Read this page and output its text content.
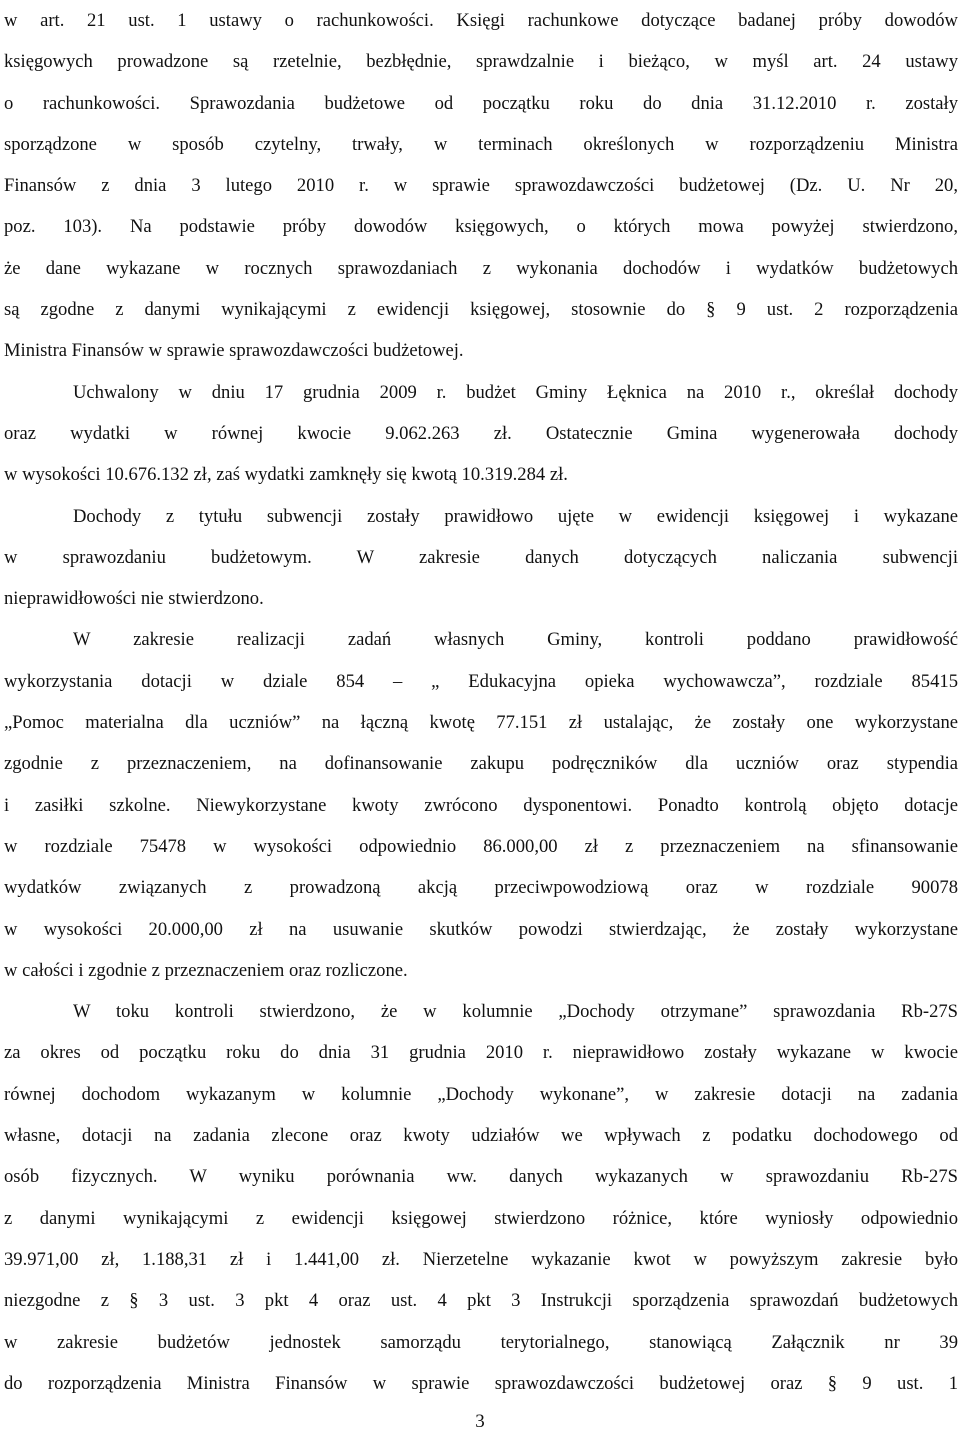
w art. 21 ust. 1 ustawy o rachunkowości. Księgi rachunkowe dotyczące badanej próby dowodów
księgowych prowadzone są rzetelnie, bezbłędnie, sprawdzalnie i bieżąco, w myśl art. 24 ustawy
o rachunkowości. Sprawozdania budżetowe od początku roku do dnia 31.12.2010 r. zostały
sporządzone w sposób czytelny, trwały, w terminach określonych w rozporządzeniu Ministra
Finansów z dnia 3 lutego 2010 r. w sprawie sprawozdawczości budżetowej (Dz. U. Nr 20,
poz. 103). Na podstawie próby dowodów księgowych, o których mowa powyżej stwierdzono,
że dane wykazane w rocznych sprawozdaniach z wykonania dochodów i wydatków budżetowych
są zgodne z danymi wynikającymi z ewidencji księgowej, stosownie do § 9 ust. 2 rozporządzenia
Ministra Finansów w sprawie sprawozdawczości budżetowej.
Uchwalony w dniu 17 grudnia 2009 r. budżet Gminy Łęknica na 2010 r., określał dochody
oraz wydatki w równej kwocie 9.062.263 zł. Ostatecznie Gmina wygenerowała dochody
w wysokości 10.676.132 zł, zaś wydatki zamknęły się kwotą 10.319.284 zł.
Dochody z tytułu subwencji zostały prawidłowo ujęte w ewidencji księgowej i wykazane
w sprawozdaniu budżetowym. W zakresie danych dotyczących naliczania subwencji
nieprawidłowości nie stwierdzono.
W zakresie realizacji zadań własnych Gminy, kontroli poddano prawidłowość
wykorzystania dotacji w dziale 854 – „ Edukacyjna opieka wychowawcza”, rozdziale 85415
„Pomoc materialna dla uczniów” na łączną kwotę 77.151 zł ustalając, że zostały one wykorzystane
zgodnie z przeznaczeniem, na dofinansowanie zakupu podręczników dla uczniów oraz stypendia
i zasiłki szkolne. Niewykorzystane kwoty zwrócono dysponentowi. Ponadto kontrolą objęto dotacje
w rozdziale 75478 w wysokości odpowiednio 86.000,00 zł z przeznaczeniem na sfinansowanie
wydatków związanych z prowadzoną akcją przeciwpowodziową oraz w rozdziale 90078
w wysokości 20.000,00 zł na usuwanie skutków powodzi stwierdzając, że zostały wykorzystane
w całości i zgodnie z przeznaczeniem oraz rozliczone.
W toku kontroli stwierdzono, że w kolumnie „Dochody otrzymane” sprawozdania Rb-27S
za okres od początku roku do dnia 31 grudnia 2010 r. nieprawidłowo zostały wykazane w kwocie
równej dochodom wykazanym w kolumnie „Dochody wykonane”, w zakresie dotacji na zadania
własne, dotacji na zadania zlecone oraz kwoty udziałów we wpływach z podatku dochodowego od
osób fizycznych. W wyniku porównania ww. danych wykazanych w sprawozdaniu Rb-27S
z danymi wynikającymi z ewidencji księgowej stwierdzono różnice, które wyniosły odpowiednio
39.971,00 zł, 1.188,31 zł i 1.441,00 zł. Nierzetelne wykazanie kwot w powyższym zakresie było
niezgodne z § 3 ust. 3 pkt 4 oraz ust. 4 pkt 3 Instrukcji sporządzenia sprawozdań budżetowych
w zakresie budżetów jednostek samorządu terytorialnego, stanowiącą Załącznik nr 39
do rozporządzenia Ministra Finansów w sprawie sprawozdawczości budżetowej oraz § 9 ust. 1
3
